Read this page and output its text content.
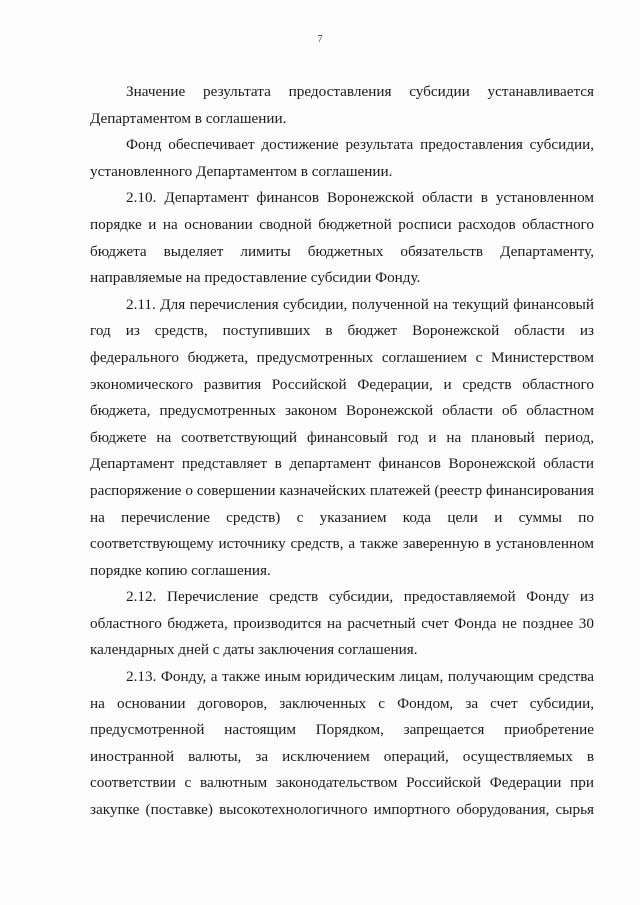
7
Значение результата предоставления субсидии устанавливается
Департаментом в соглашении.
Фонд обеспечивает достижение результата предоставления субсидии,
установленного Департаментом в соглашении.
2.10. Департамент финансов Воронежской области в установленном
порядке и на основании сводной бюджетной росписи расходов областного
бюджета выделяет лимиты бюджетных обязательств Департаменту,
направляемые на предоставление субсидии Фонду.
2.11. Для перечисления субсидии, полученной на текущий финансовый
год из средств, поступивших в бюджет Воронежской области из
федерального бюджета, предусмотренных соглашением с Министерством
экономического развития Российской Федерации, и средств областного
бюджета, предусмотренных законом Воронежской области об областном
бюджете на соответствующий финансовый год и на плановый период,
Департамент представляет в департамент финансов Воронежской области
распоряжение о совершении казначейских платежей (реестр финансирования
на перечисление средств) с указанием кода цели и суммы по
соответствующему источнику средств, а также заверенную в установленном
порядке копию соглашения.
2.12. Перечисление средств субсидии, предоставляемой Фонду из
областного бюджета, производится на расчетный счет Фонда не позднее 30
календарных дней с даты заключения соглашения.
2.13. Фонду, а также иным юридическим лицам, получающим средства
на основании договоров, заключенных с Фондом, за счет субсидии,
предусмотренной настоящим Порядком, запрещается приобретение
иностранной валюты, за исключением операций, осуществляемых в
соответствии с валютным законодательством Российской Федерации при
закупке (поставке) высокотехнологичного импортного оборудования, сырья
